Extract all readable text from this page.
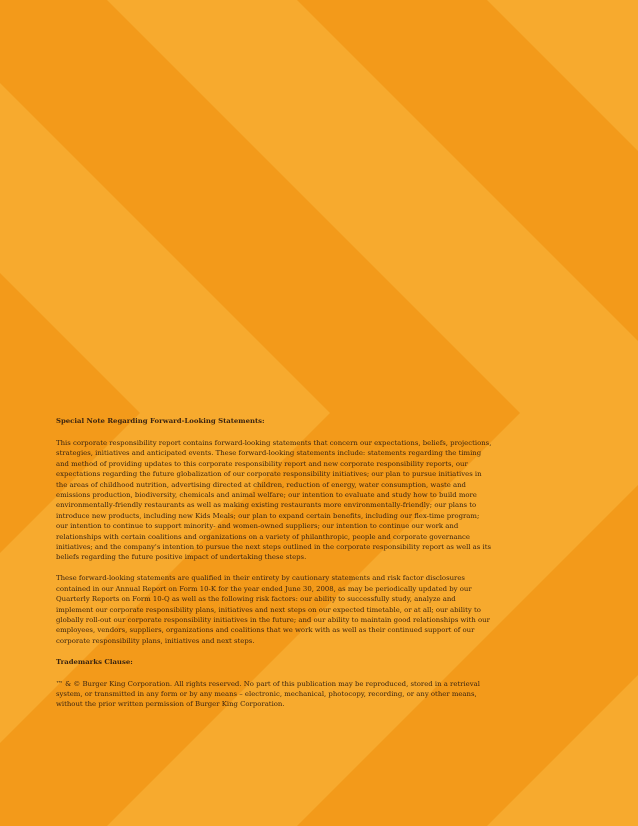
Special Note Regarding Forward-Looking Statements:

This corporate responsibility report contains forward-looking statements that concern our expectations, beliefs, projections, strategies, initiatives and anticipated events. These forward-looking statements include: statements regarding the timing and method of providing updates to this corporate responsibility report and new corporate responsibility reports, our expectations regarding the future globalization of our corporate responsibility initiatives; our plan to pursue initiatives in the areas of childhood nutrition, advertising directed at children, reduction of energy, water consumption, waste and emissions production, biodiversity, chemicals and animal welfare; our intention to evaluate and study how to build more environmentally-friendly restaurants as well as making existing restaurants more environmentally-friendly; our plans to introduce new products, including new Kids Meals; our plan to expand certain benefits, including our flex-time program; our intention to continue to support minority- and women-owned suppliers; our intention to continue our work and relationships with certain coalitions and organizations on a variety of philanthropic, people and corporate governance initiatives; and the company's intention to pursue the next steps outlined in the corporate responsibility report as well as its beliefs regarding the future positive impact of undertaking these steps.

These forward-looking statements are qualified in their entirety by cautionary statements and risk factor disclosures contained in our Annual Report on Form 10-K for the year ended June 30, 2008, as may be periodically updated by our Quarterly Reports on Form 10-Q as well as the following risk factors: our ability to successfully study, analyze and implement our corporate responsibility plans, initiatives and next steps on our expected timetable, or at all; our ability to globally roll-out our corporate responsibility initiatives in the future; and our ability to maintain good relationships with our employees, vendors, suppliers, organizations and coalitions that we work with as well as their continued support of our corporate responsibility plans, initiatives and next steps.

Trademarks Clause:

™ & © Burger King Corporation. All rights reserved. No part of this publication may be reproduced, stored in a retrieval system, or transmitted in any form or by any means – electronic, mechanical, photocopy, recording, or any other means, without the prior written permission of Burger King Corporation.
